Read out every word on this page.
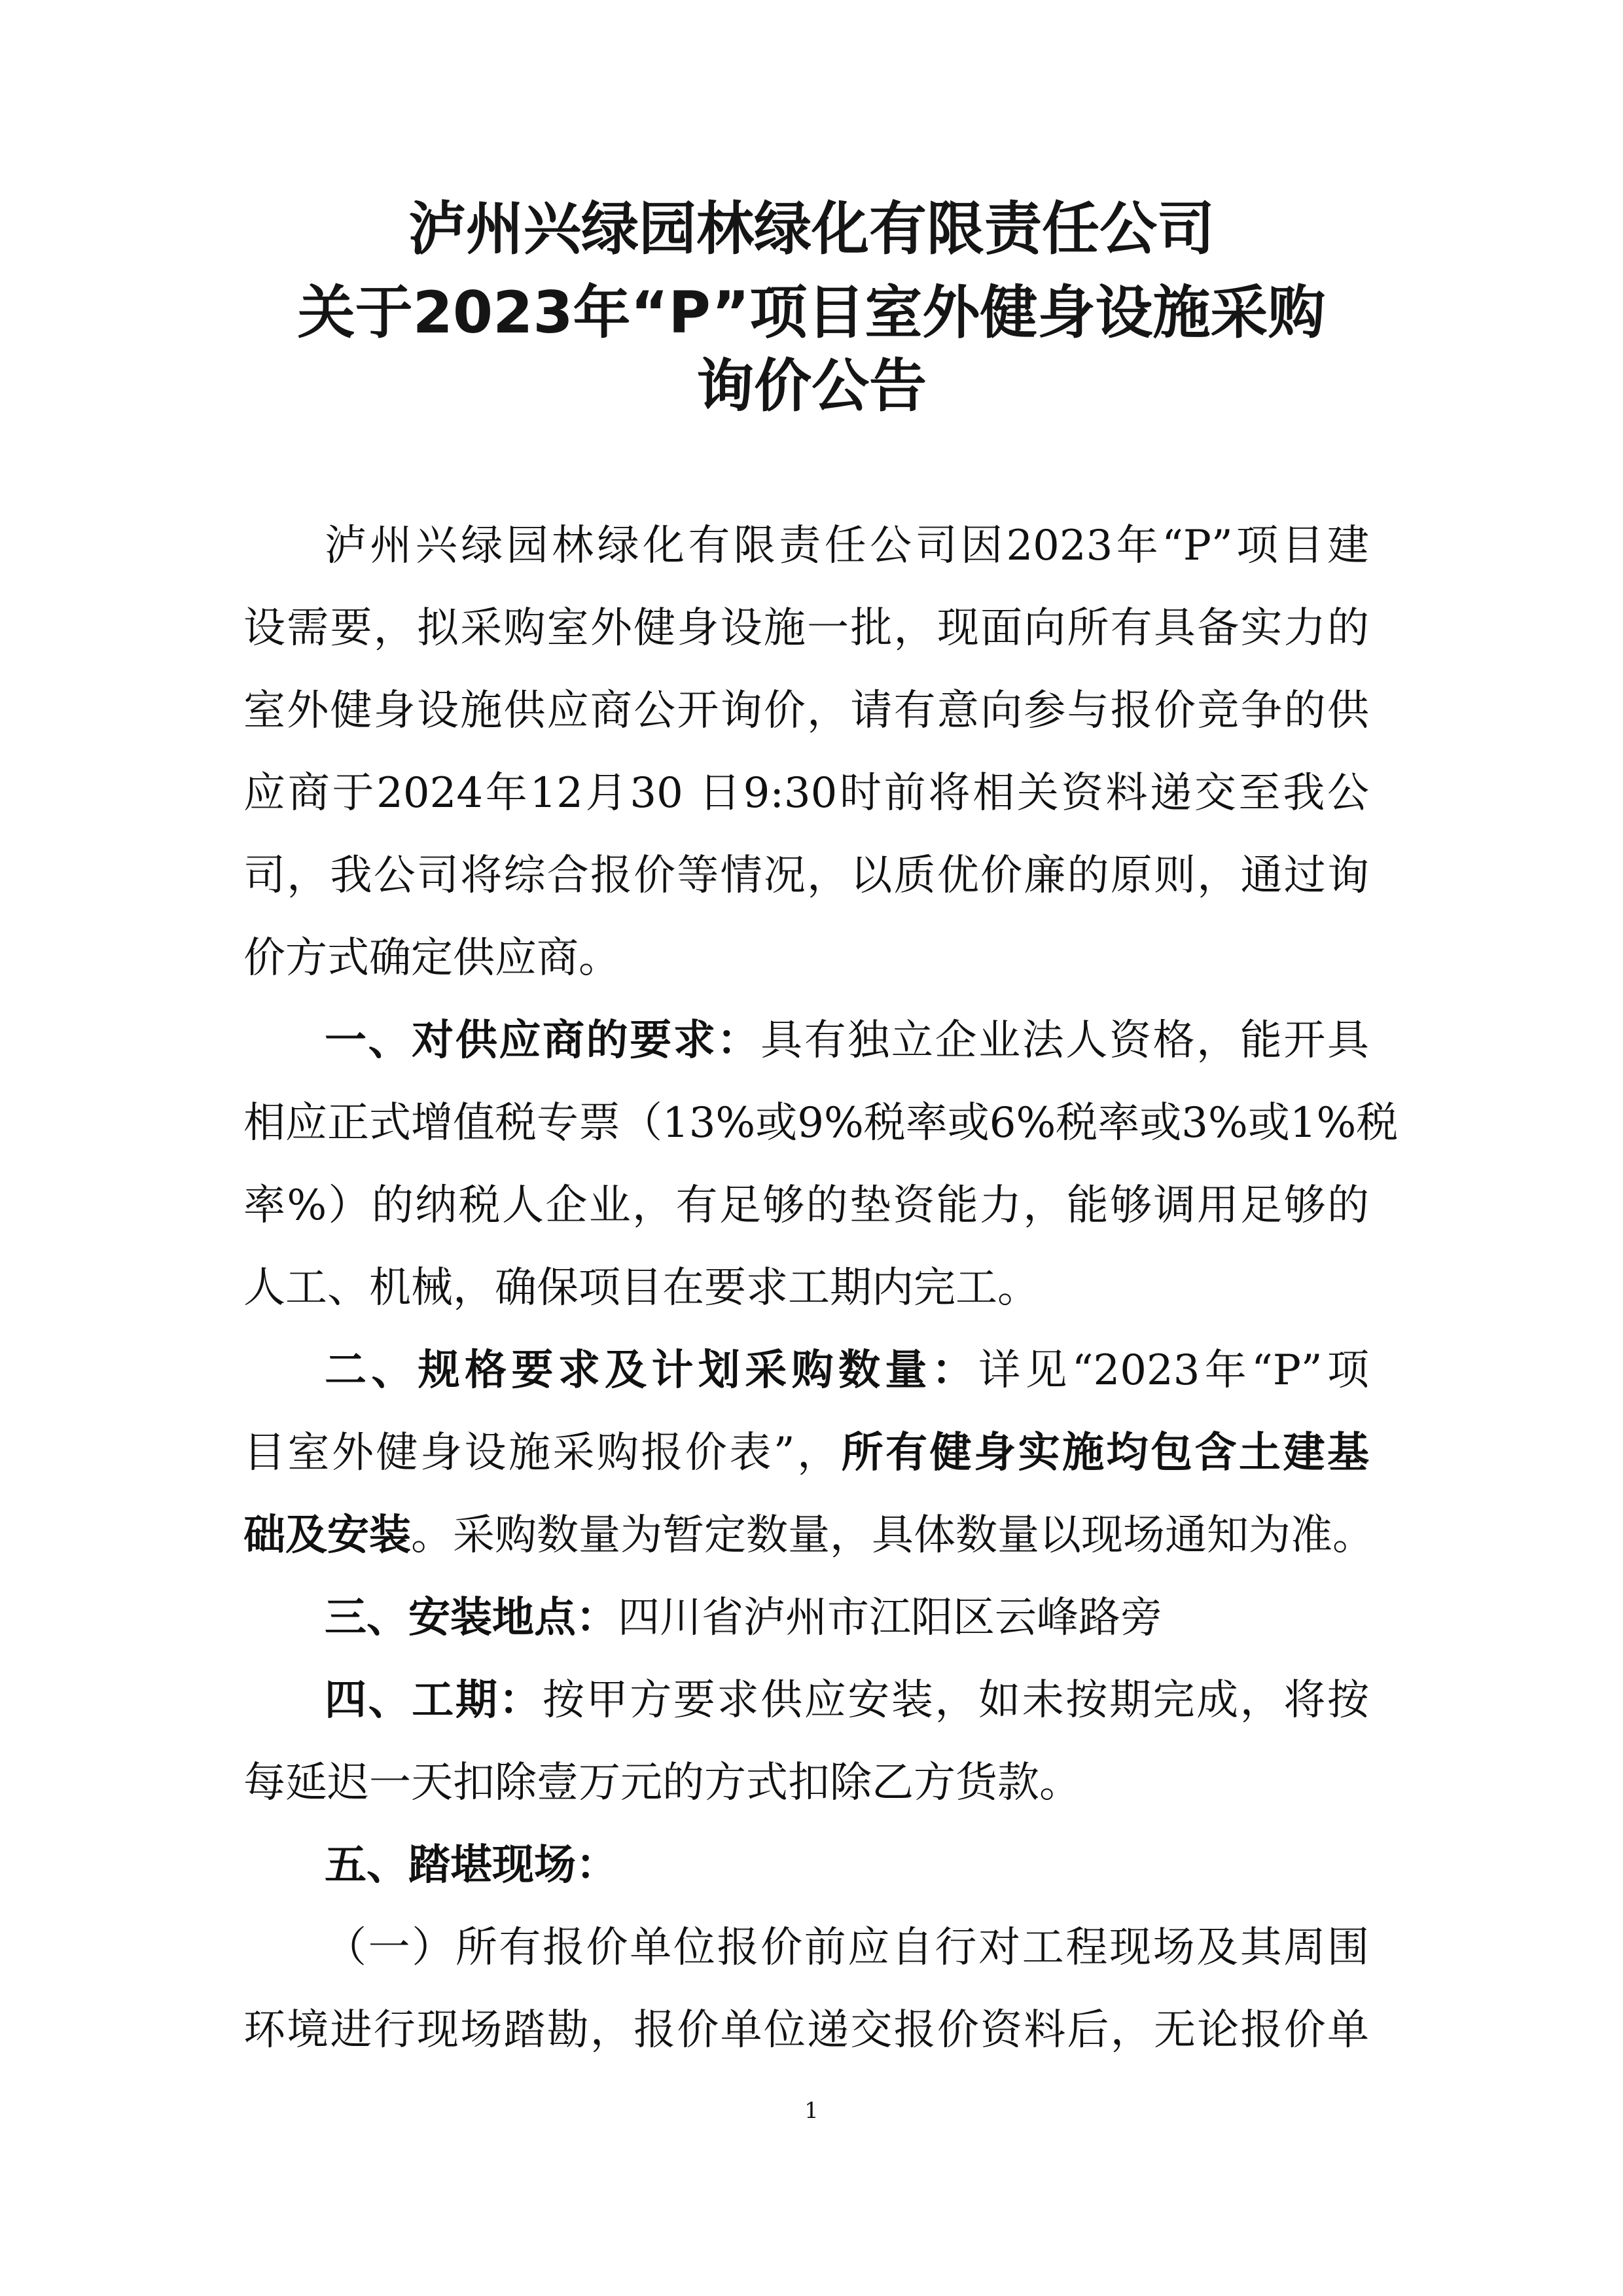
泸州兴绿园林绿化有限责任公司
关于2023年“P”项目室外健身设施采购
询价公告
泸州兴绿园林绿化有限责任公司因2023年“P”项目建
设需要，拟采购室外健身设施一批，现面向所有具备实力的
室外健身设施供应商公开询价，请有意向参与报价竞争的供
应商于2024年12月30 日9:30时前将相关资料递交至我公
司，我公司将综合报价等情况，以质优价廉的原则，通过询
价方式确定供应商。
一、对供应商的要求：具有独立企业法人资格，能开具
相应正式增值税专票（13%或9%税率或6%税率或3%或1%税
率%）的纳税人企业，有足够的垫资能力，能够调用足够的
人工、机械，确保项目在要求工期内完工。
二、规格要求及计划采购数量：详见“2023年“P”项
目室外健身设施采购报价表”，所有健身实施均包含土建基
础及安装。采购数量为暂定数量，具体数量以现场通知为准。
三、安装地点：四川省泸州市江阳区云峰路旁
四、工期：按甲方要求供应安装，如未按期完成，将按
每延迟一天扣除壹万元的方式扣除乙方货款。
五、踏堪现场：
（一）所有报价单位报价前应自行对工程现场及其周围
环境进行现场踏勘，报价单位递交报价资料后，无论报价单
1
